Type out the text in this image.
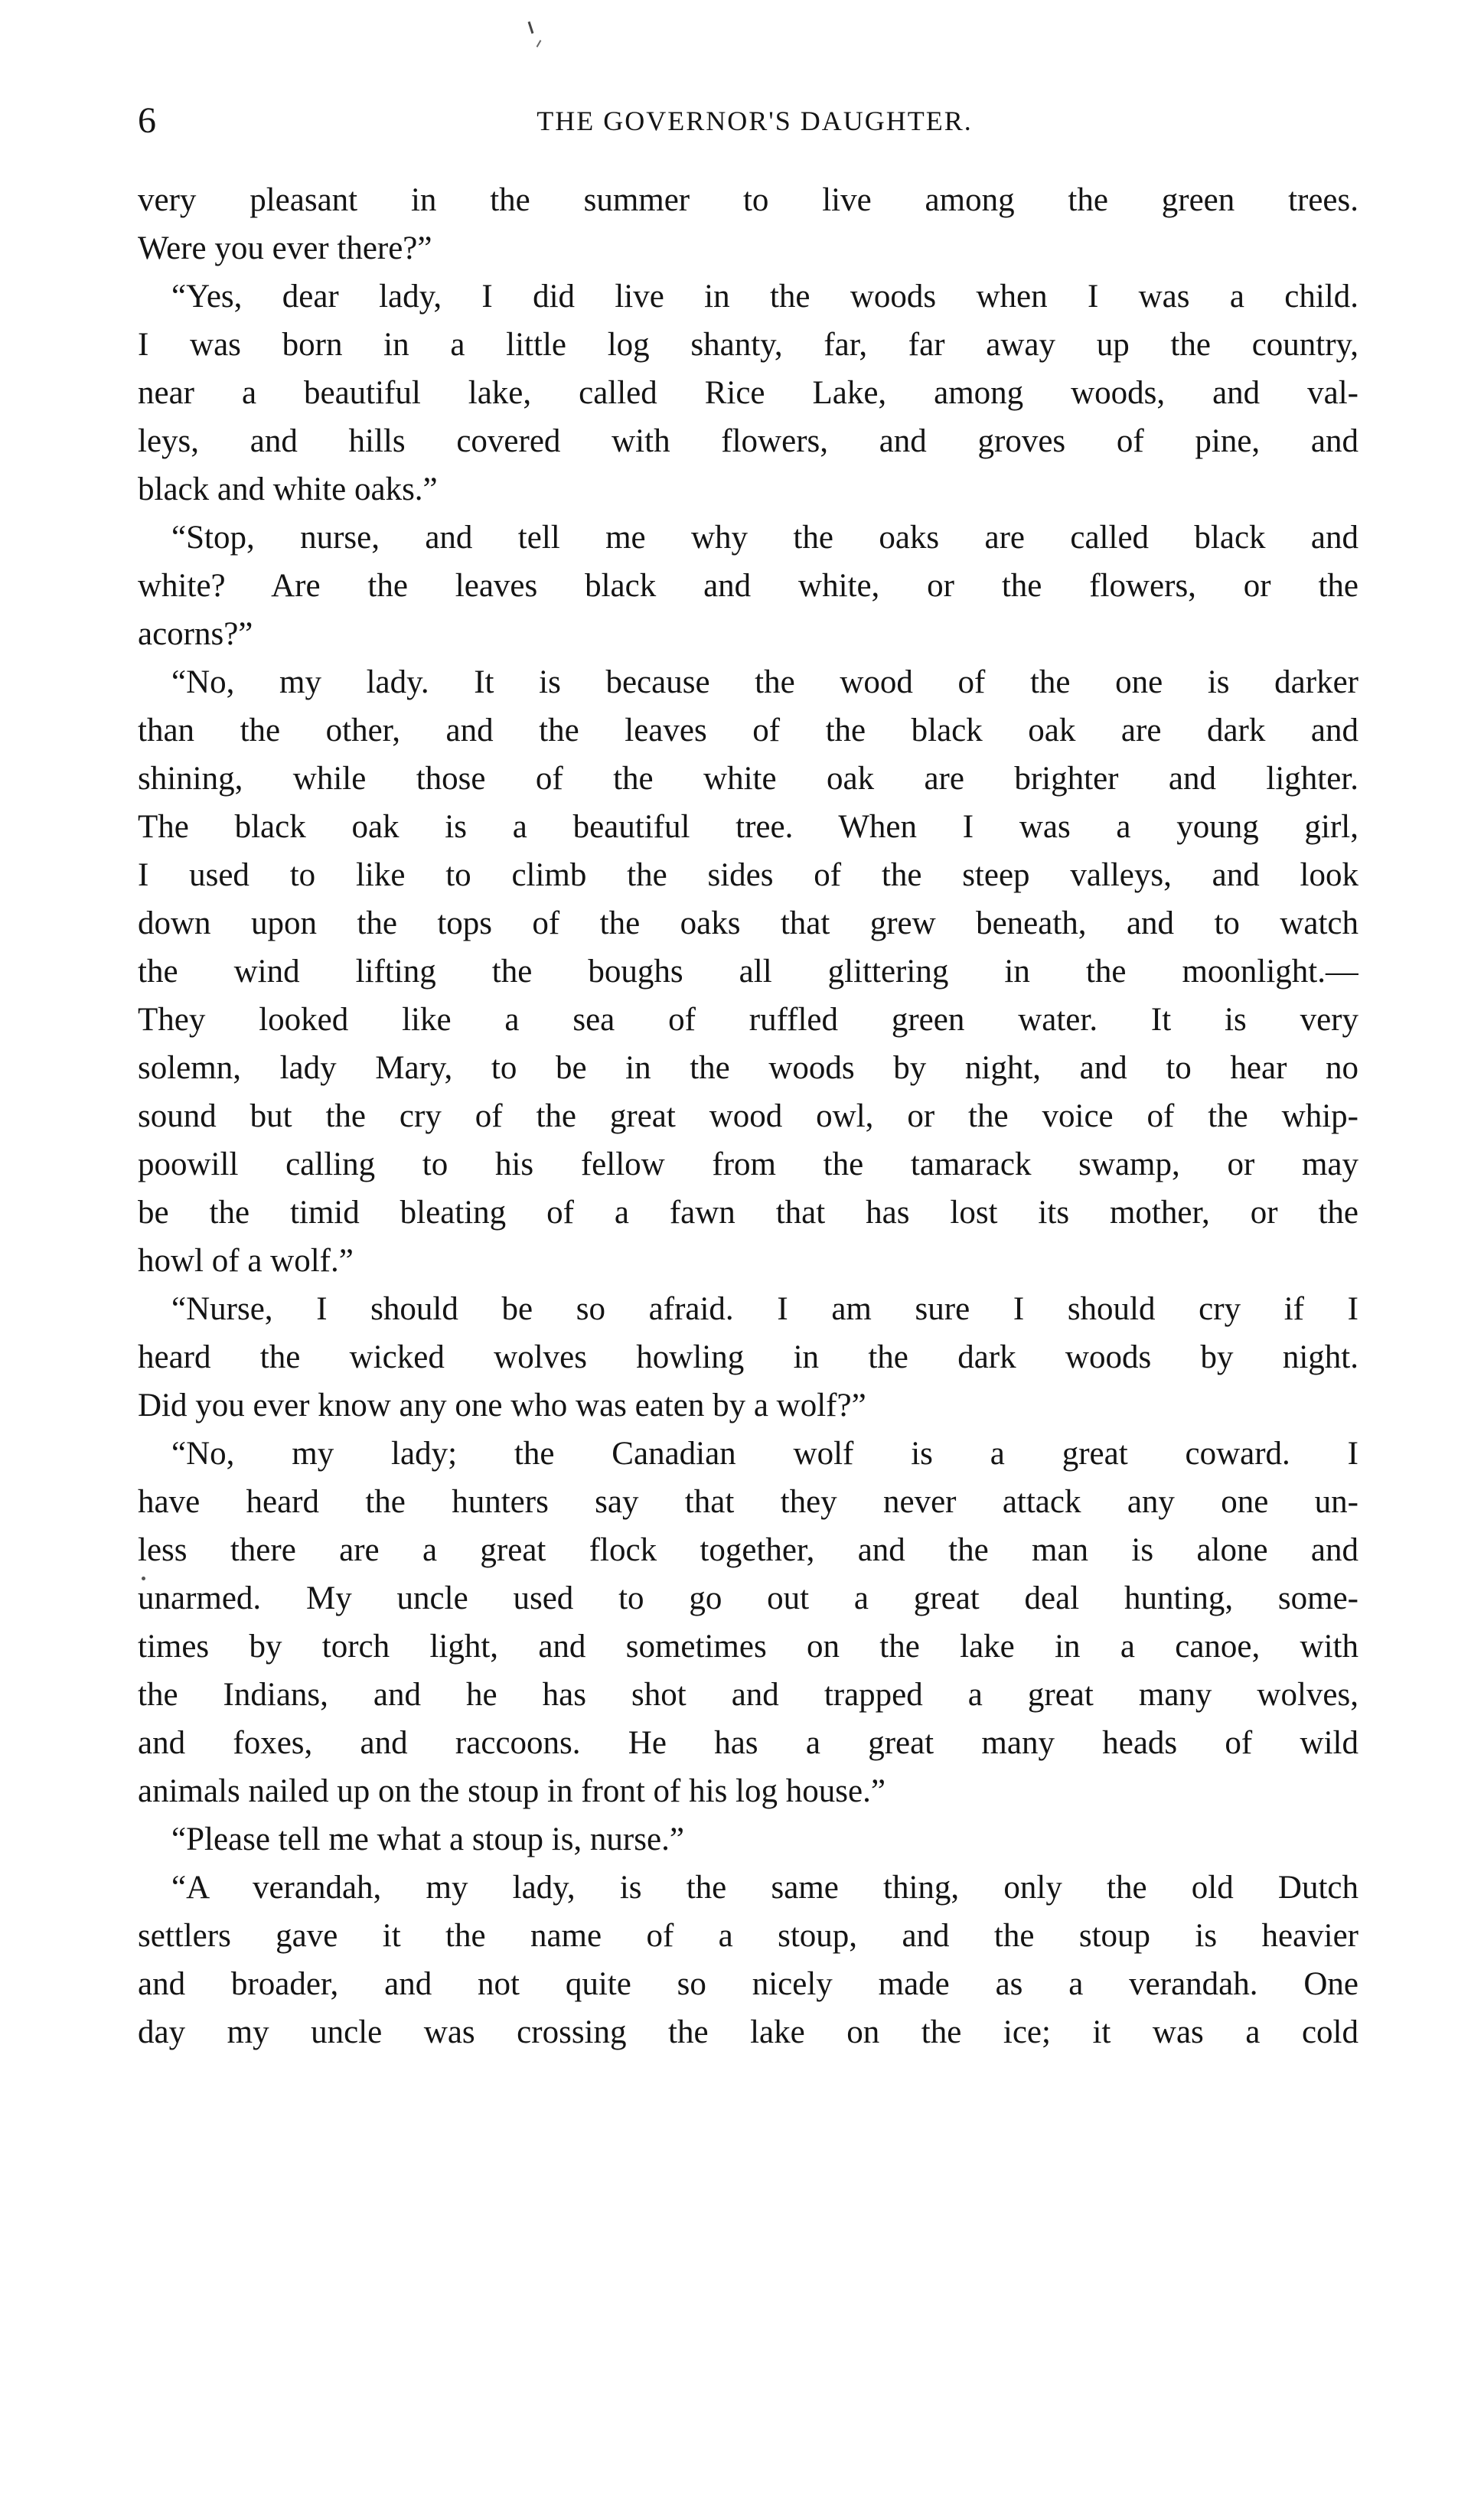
6	THE GOVERNOR'S DAUGHTER.
very pleasant in the summer to live among the green trees.
Were you ever there?”
“Yes, dear lady, I did live in the woods when I was a child.
I was born in a little log shanty, far, far away up the country,
near a beautiful lake, called Rice Lake, among woods, and val-
leys, and hills covered with flowers, and groves of pine, and
black and white oaks.”
“Stop, nurse, and tell me why the oaks are called black and
white? Are the leaves black and white, or the flowers, or the
acorns?”
“No, my lady. It is because the wood of the one is darker
than the other, and the leaves of the black oak are dark and
shining, while those of the white oak are brighter and lighter.
The black oak is a beautiful tree. When I was a young girl,
I used to like to climb the sides of the steep valleys, and look
down upon the tops of the oaks that grew beneath, and to watch
the wind lifting the boughs all glittering in the moonlight.—
They looked like a sea of ruffled green water. It is very
solemn, lady Mary, to be in the woods by night, and to hear no
sound but the cry of the great wood owl, or the voice of the whip-
poowill calling to his fellow from the tamarack swamp, or may
be the timid bleating of a fawn that has lost its mother, or the
howl of a wolf.”
“Nurse, I should be so afraid. I am sure I should cry if I
heard the wicked wolves howling in the dark woods by night.
Did you ever know any one who was eaten by a wolf?”
“No, my lady; the Canadian wolf is a great coward. I
have heard the hunters say that they never attack any one un-
less there are a great flock together, and the man is alone and
unarmed. My uncle used to go out a great deal hunting, some-
times by torch light, and sometimes on the lake in a canoe, with
the Indians, and he has shot and trapped a great many wolves,
and foxes, and raccoons. He has a great many heads of wild
animals nailed up on the stoup in front of his log house.”
“Please tell me what a stoup is, nurse.”
“A verandah, my lady, is the same thing, only the old Dutch
settlers gave it the name of a stoup, and the stoup is heavier
and broader, and not quite so nicely made as a verandah. One
day my uncle was crossing the lake on the ice; it was a cold
